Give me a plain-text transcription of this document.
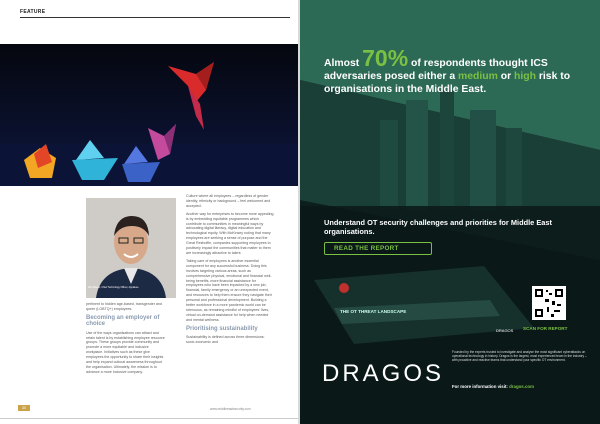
FEATURE
Rob Mason, Chief Technology Officer, Applause

pertinent to hidden age-based, transgender and queer (LGBTQ+) employees.

Becoming an employer of choice

Use of the ways organisations can attract and retain talent is by establishing employee resource groups. These groups provide community and promote a more equitable and inclusive workplace. Initiatives such as these give employees the opportunity to share their insights and help expand cultural awareness throughout the organisation. Ultimately, the mission is to advance a more inclusive company.

Culture where all employees – regardless of gender identity, ethnicity or background – feel welcomed and accepted.

Another way for enterprises to become more appealing is by embedding equitable programmes which contribute to communities in meaningful ways by advocating digital literacy, digital education and technological equity. With McKinsey noting that many employees are seeking a sense of purpose and the Great Reshuffle, companies supporting employees to positively impact the communities that matter to them are increasingly attractive to talent.

Taking care of employees is another essential component for any successful business. Doing this involves targeting various areas, such as comprehensive physical, emotional and financial well-being benefits, more financial assistance for employees who have been impacted by a new job, financial, family emergency or an unexpected event, and resources to help them ensure they navigate their personal and professional development. Building a better workforce in a more pandemic world can be strenuous, as remaining mindful of employees' lives, virtual on-demand assistance for help when needed and mental wellness.

Prioritising sustainability

Sustainability is defined across three dimensions: socio-economic and

30	www.middleeastsecurity.com
Almost 70% of respondents thought ICS adversaries posed either a medium or high risk to organisations in the Middle East.
Understand OT security challenges and priorities for Middle East organisations.
READ THE REPORT
THE OT THREAT LANDSCAPE
DRAGOS SCAN FOR REPORT
DRAGOS
Founded by the experts trusted to investigate and analyse the most significant cyberattacks on operational technology in history. Dragos is the largest, most experienced team in the industry – with proactive and reactive teams that understand your specific OT environment.
For more information visit: dragos.com
